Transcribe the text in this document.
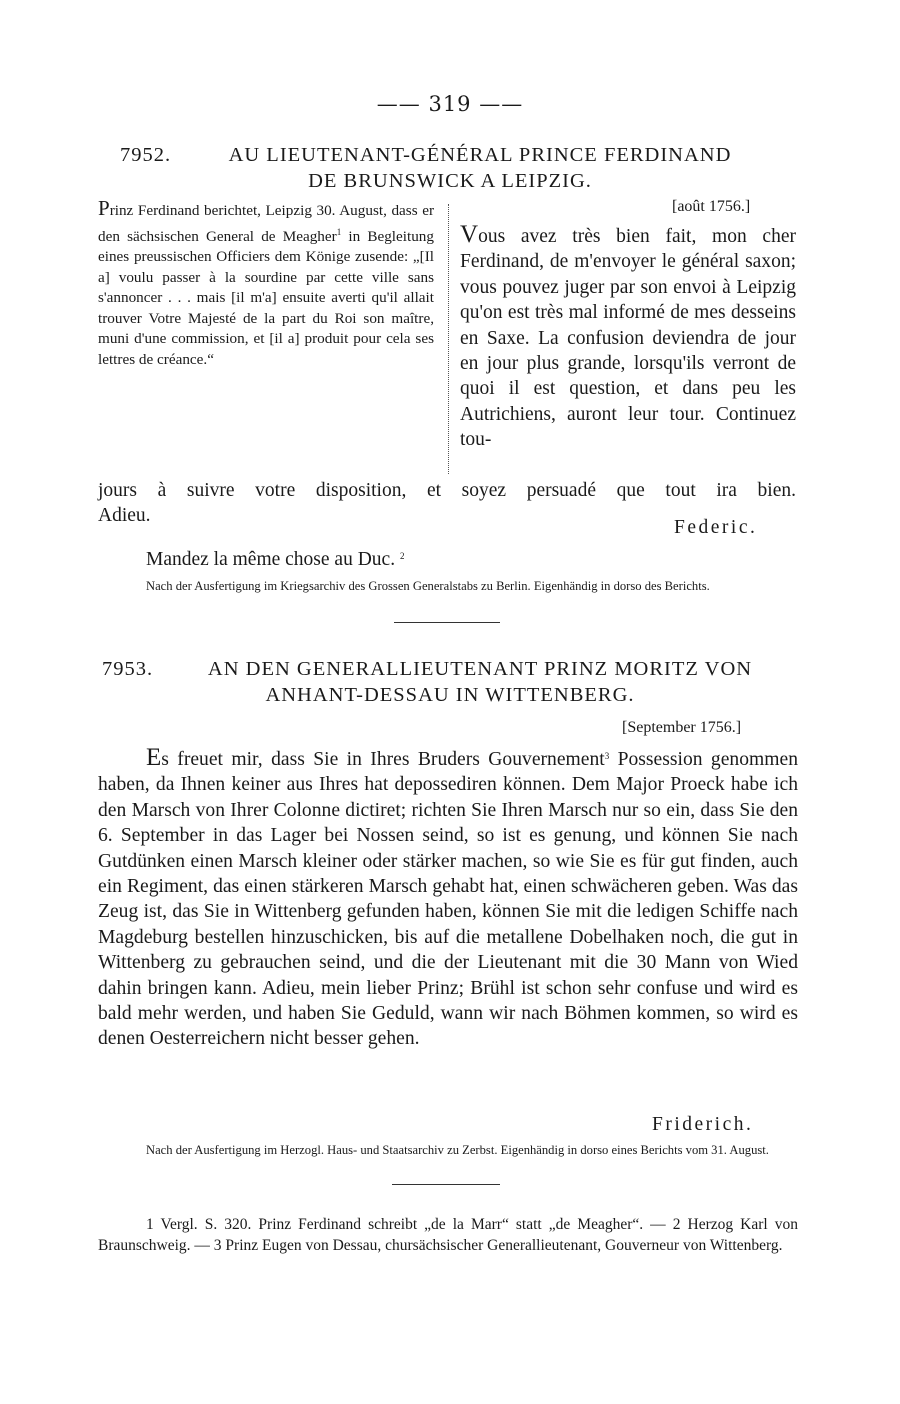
—— 319 ——
7952.	AU LIEUTENANT-GÉNÉRAL PRINCE FERDINAND
DE BRUNSWICK A LEIPZIG.
Prinz Ferdinand berichtet, Leipzig 30. August, dass er den sächsischen General de Meagher$^1$ in Begleitung eines preussischen Officiers dem Könige zusende: „[Il a] voulu passer à la sourdine par cette ville sans s'annoncer . . . mais [il m'a] ensuite averti qu'il allait trouver Votre Majesté de la part du Roi son maître, muni d'une commission, et [il a] produit pour cela ses lettres de créance.“
[août 1756.]
Vous avez très bien fait, mon cher Ferdinand, de m'envoyer le général saxon; vous pouvez juger par son envoi à Leipzig qu'on est très mal informé de mes desseins en Saxe. La confusion deviendra de jour en jour plus grande, lorsqu'ils verront de quoi il est question, et dans peu les Autrichiens, auront leur tour. Continuez tou-
jours à suivre votre disposition, et soyez persuadé que tout ira bien.
Adieu.
Federic.
Mandez la même chose au Duc. $^2$
Nach der Ausfertigung im Kriegsarchiv des Grossen Generalstabs zu Berlin. Eigenhändig in dorso des Berichts.
7953.	AN DEN GENERALLIEUTENANT PRINZ MORITZ VON
ANHANT-DESSAU IN WITTENBERG.
[September 1756.]
Es freuet mir, dass Sie in Ihres Bruders Gouvernement$^3$ Possession genommen haben, da Ihnen keiner aus Ihres hat depossediren können. Dem Major Proeck habe ich den Marsch von Ihrer Colonne dictiret; richten Sie Ihren Marsch nur so ein, dass Sie den 6. September in das Lager bei Nossen seind, so ist es genung, und können Sie nach Gutdünken einen Marsch kleiner oder stärker machen, so wie Sie es für gut finden, auch ein Regiment, das einen stärkeren Marsch gehabt hat, einen schwächeren geben. Was das Zeug ist, das Sie in Wittenberg gefunden haben, können Sie mit die ledigen Schiffe nach Magdeburg bestellen hinzuschicken, bis auf die metallene Dobelhaken noch, die gut in Wittenberg zu gebrauchen seind, und die der Lieutenant mit die 30 Mann von Wied dahin bringen kann. Adieu, mein lieber Prinz; Brühl ist schon sehr confuse und wird es bald mehr werden, und haben Sie Geduld, wann wir nach Böhmen kommen, so wird es denen Oesterreichern nicht besser gehen.
Friderich.
Nach der Ausfertigung im Herzogl. Haus- und Staatsarchiv zu Zerbst. Eigenhändig in dorso eines Berichts vom 31. August.
1 Vergl. S. 320. Prinz Ferdinand schreibt „de la Marr“ statt „de Meagher“. — 2 Herzog Karl von Braunschweig. — 3 Prinz Eugen von Dessau, chursächsischer Generallieutenant, Gouverneur von Wittenberg.
